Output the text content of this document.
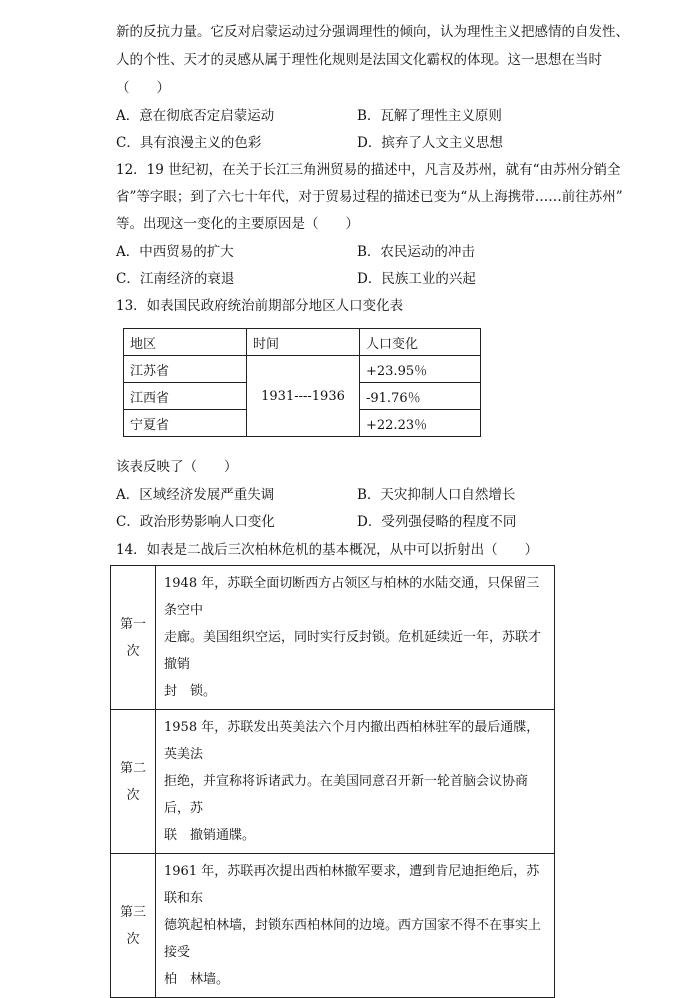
新的反抗力量。它反对启蒙运动过分强调理性的倾向，认为理性主义把感情的自发性、
人的个性、天才的灵感从属于理性化规则是法国文化霸权的体现。这一思想在当时
（　　）
A．意在彻底否定启蒙运动	B．瓦解了理性主义原则
C．具有浪漫主义的色彩	D．摈弃了人文主义思想
12．19 世纪初，在关于长江三角洲贸易的描述中，凡言及苏州，就有“由苏州分销全
省”等字眼；到了六七十年代，对于贸易过程的描述已变为“从上海携带……前往苏州”
等。出现这一变化的主要原因是（　　）
A．中西贸易的扩大	B．农民运动的冲击
C．江南经济的衰退	D．民族工业的兴起
13．如表国民政府统治前期部分地区人口变化表
地区	时间	人口变化
江苏省	1931----1936	+23.95％
江西省		-91.76％
宁夏省		+22.23％
该表反映了（　　）
A．区域经济发展严重失调	B．天灾抑制人口自然增长
C．政治形势影响人口变化	D．受列强侵略的程度不同
14．如表是二战后三次柏林危机的基本概况，从中可以折射出（　　）
第一
次	1948 年，苏联全面切断西方占领区与柏林的水陆交通，只保留三条空中
走廊。美国组织空运，同时实行反封锁。危机延续近一年，苏联才撤销
封　锁。

第二
次	1958 年，苏联发出英美法六个月内撤出西柏林驻军的最后通牒，英美法
拒绝，并宣称将诉诸武力。在美国同意召开新一轮首脑会议协商后，苏
联　撤销通牒。

第三
次	1961 年，苏联再次提出西柏林撤军要求，遭到肯尼迪拒绝后，苏联和东
德筑起柏林墙，封锁东西柏林间的边境。西方国家不得不在事实上接受
柏　林墙。
